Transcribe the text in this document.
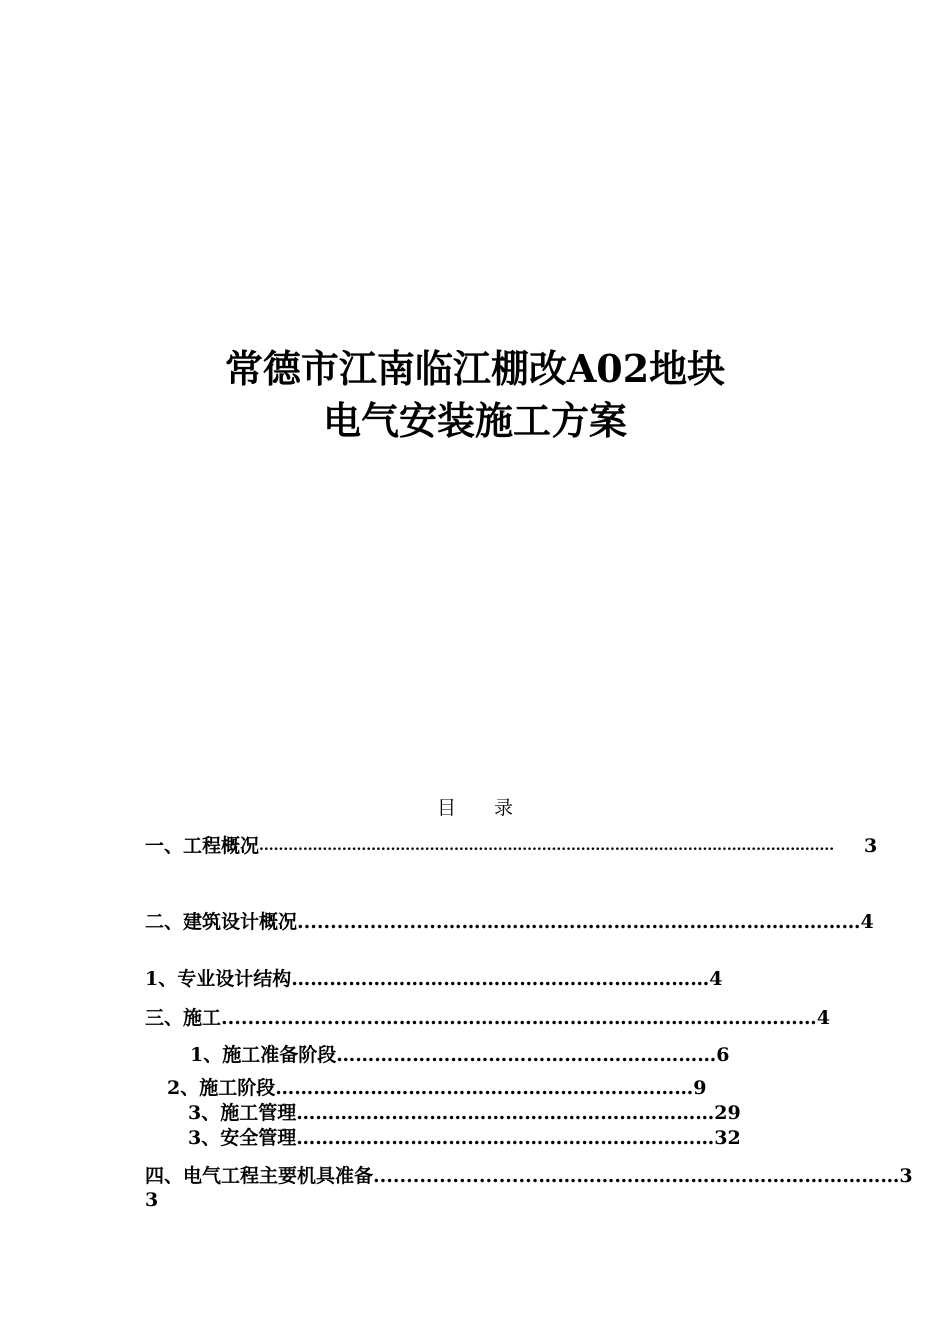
常德市江南临江棚改A02地块
电气安装施工方案
目　　录
一、工程概况...................................................................................................................... 3
二、建筑设计概况......................…………………………………………………………4
1、专业设计结构…………………………………………………………4
三、施工........................……………………………………………………………4
1、施工准备阶段……………………………………………………6
2、施工阶段…………………………………………………………9
3、施工管理…………………………………………………………29
3、安全管理…………………………………………………………32
四、电气工程主要机具准备.........................…………………………………………………33
